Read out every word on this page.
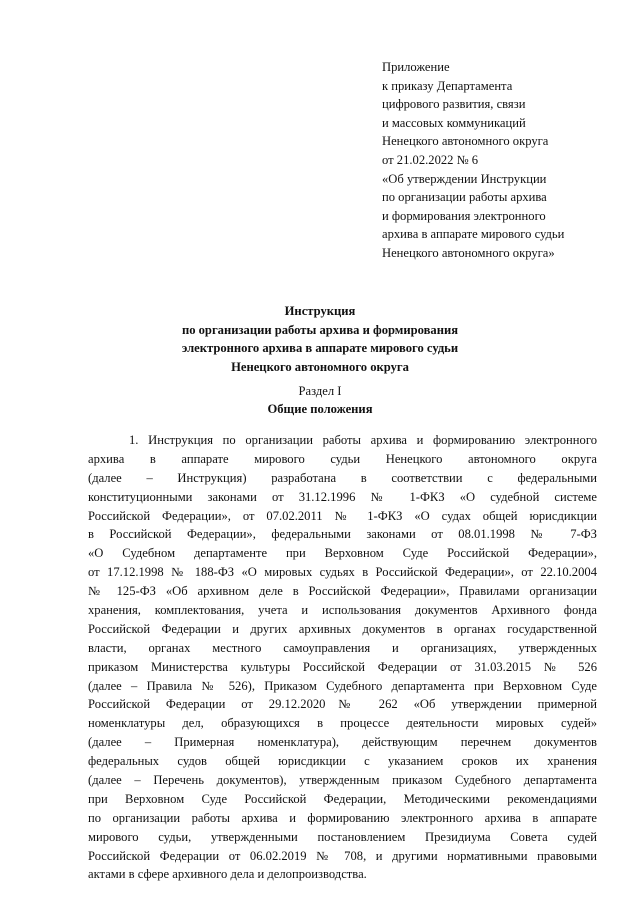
Приложение
к приказу Департамента
цифрового развития, связи
и массовых коммуникаций
Ненецкого автономного округа
от 21.02.2022 № 6
«Об утверждении Инструкции
по организации работы архива
и формирования электронного
архива в аппарате мирового судьи
Ненецкого автономного округа»
Инструкция
по организации работы архива и формирования
электронного архива в аппарате мирового судьи
Ненецкого автономного округа
Раздел I
Общие положения
1. Инструкция по организации работы архива и формированию электронного
архива в аппарате мирового судьи Ненецкого автономного округа
(далее – Инструкция) разработана в соответствии с федеральными
конституционными законами от 31.12.1996 № 1-ФКЗ «О судебной системе
Российской Федерации», от 07.02.2011 № 1-ФКЗ «О судах общей юрисдикции
в Российской Федерации», федеральными законами от 08.01.1998 № 7-ФЗ
«О Судебном департаменте при Верховном Суде Российской Федерации»,
от 17.12.1998 № 188-ФЗ «О мировых судьях в Российской Федерации», от 22.10.2004
№ 125-ФЗ «Об архивном деле в Российской Федерации», Правилами организации
хранения, комплектования, учета и использования документов Архивного фонда
Российской Федерации и других архивных документов в органах государственной
власти, органах местного самоуправления и организациях, утвержденных
приказом Министерства культуры Российской Федерации от 31.03.2015 № 526
(далее – Правила № 526), Приказом Судебного департамента при Верховном Суде
Российской Федерации от 29.12.2020№ 262 «Об утверждении примерной
номенклатуры дел, образующихся в процессе деятельности мировых судей»
(далее – Примерная номенклатура), действующим перечнем документов
федеральных судов общей юрисдикции с указанием сроков их хранения
(далее – Перечень документов), утвержденным приказом Судебного департамента
при Верховном Суде Российской Федерации, Методическими рекомендациями
по организации работы архива и формированию электронного архива в аппарате
мирового судьи, утвержденными постановлением Президиума Совета судей
Российской Федерации от 06.02.2019 № 708, и другими нормативными правовыми
актами в сфере архивного дела и делопроизводства.
